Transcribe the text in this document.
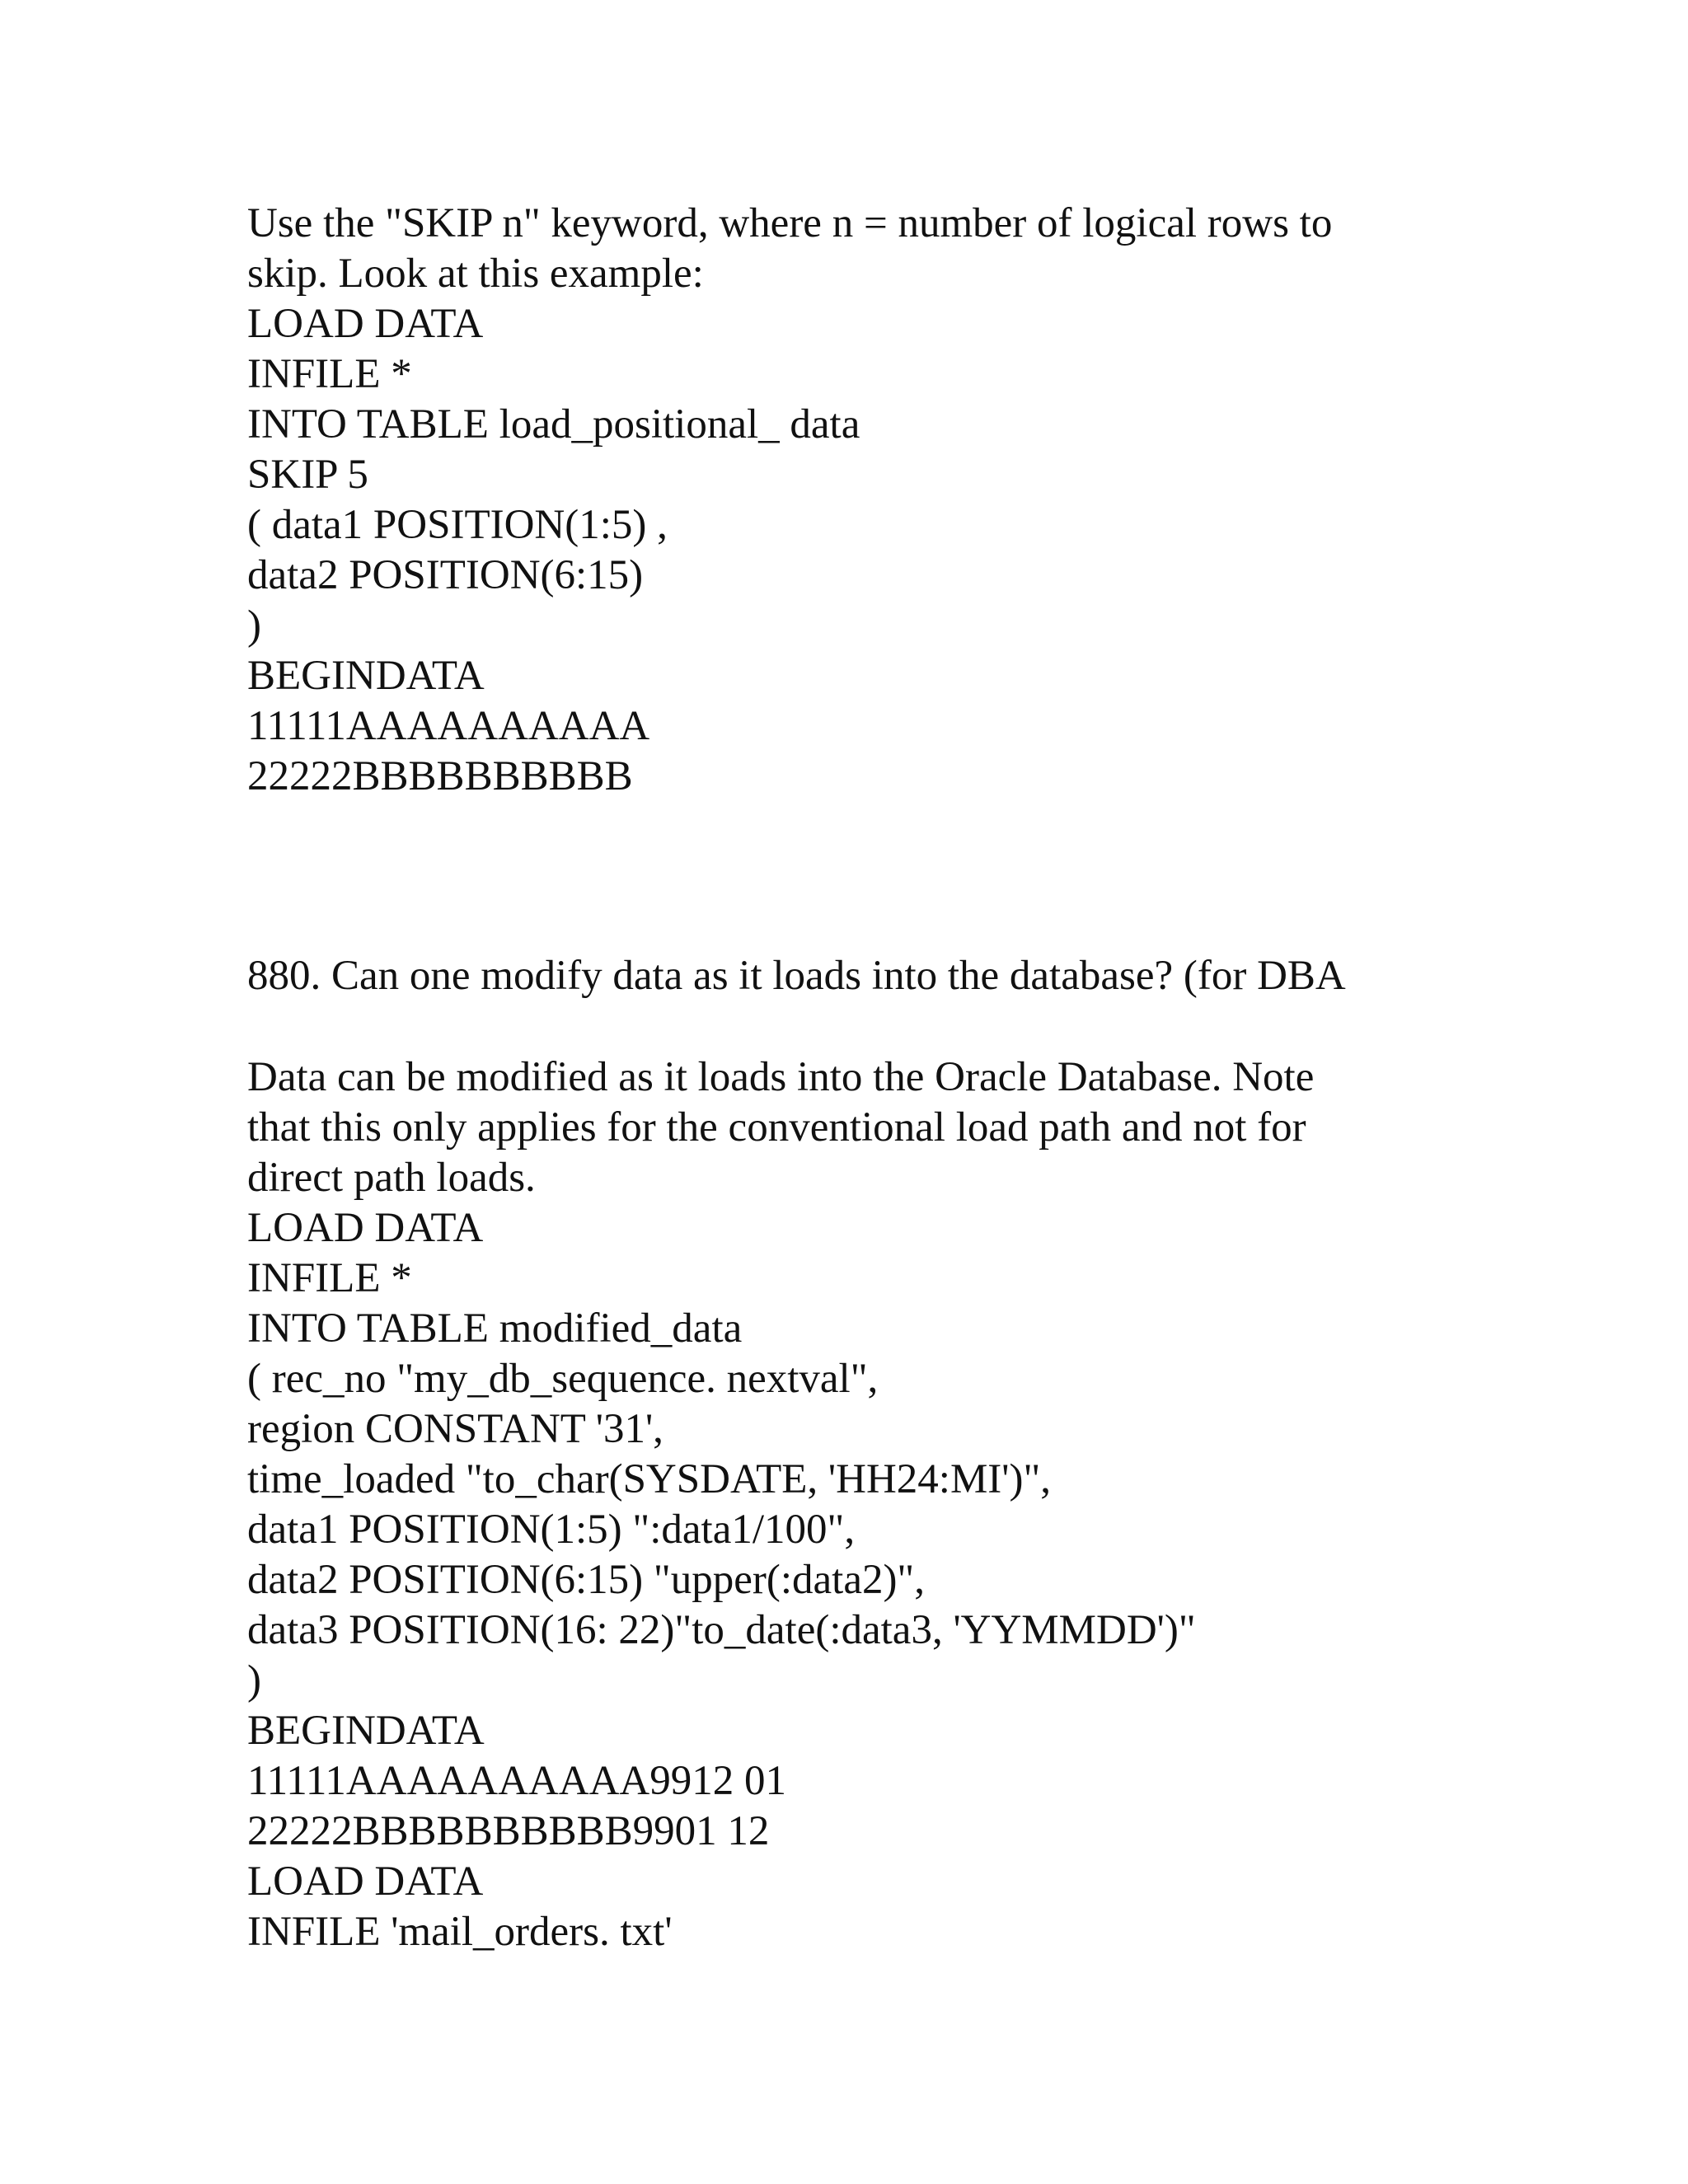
Use the "SKIP n" keyword, where n = number of logical rows to
skip. Look at this example:
LOAD DATA
INFILE *
INTO TABLE load_positional_ data
SKIP 5
( data1 POSITION(1:5) ,
data2 POSITION(6:15)
)
BEGINDATA
11111AAAAAAAAAA
22222BBBBBBBBBB
880. Can one modify data as it loads into the database? (for DBA
Data can be modified as it loads into the Oracle Database. Note
that this only applies for the conventional load path and not for
direct path loads.
LOAD DATA
INFILE *
INTO TABLE modified_data
( rec_no "my_db_sequence. nextval",
region CONSTANT '31',
time_loaded "to_char(SYSDATE, 'HH24:MI')",
data1 POSITION(1:5) ":data1/100",
data2 POSITION(6:15) "upper(:data2)",
data3 POSITION(16: 22)"to_date(:data3, 'YYMMDD')"
)
BEGINDATA
11111AAAAAAAAAA9912 01
22222BBBBBBBBBB9901 12
LOAD DATA
INFILE 'mail_orders. txt'
